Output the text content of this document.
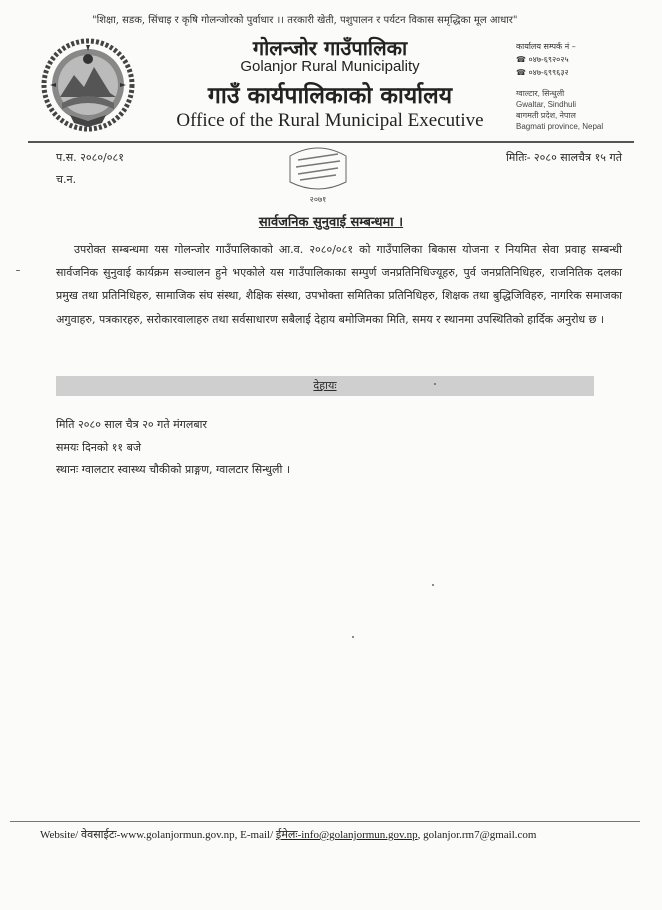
"शिक्षा, सडक, सिंचाइ र कृषि गोलन्जोरको पुर्वाधार ।। तरकारी खेती, पशुपालन र पर्यटन विकास समृद्धिका मूल आधार"
गोलन्जोर गाउँपालिका
Golanjor Rural Municipality
गाउँ कार्यपालिकाको कार्यालय
Office of the Rural Municipal Executive
कार्यालय सम्पर्क नं –
☎ ०४७-६९२०२५
☎ ०४७-६९९६३२
ग्वाल्टार, सिन्धुली
Gwaltar, Sindhuli
बागमती प्रदेश, नेपाल
Bagmati province, Nepal
प.स. २०८०/०८१
च.न.
मितिः- २०८० सालचैत्र १५ गते
२०७१
सार्वजनिक सुनुवाई सम्बन्धमा ।

उपरोक्त सम्बन्धमा यस गोलन्जोर गाउँपालिकाको आ.व. २०८०/०८१ को गाउँपालिका बिकास योजना र नियमित सेवा प्रवाह सम्बन्धी सार्वजनिक सुनुवाई कार्यक्रम सञ्चालन हुने भएकोले यस गाउँपालिकाका सम्पुर्ण जनप्रतिनिधिज्यूहरु, पुर्व जनप्रतिनिधिहरु, राजनितिक दलका प्रमुख तथा प्रतिनिधिहरु, सामाजिक संघ संस्था, शैक्षिक संस्था, उपभोक्ता समितिका प्रतिनिधिहरु, शिक्षक तथा बुद्धिजिविहरु, नागरिक समाजका अगुवाहरु, पत्रकारहरु, सरोकारवालाहरु तथा सर्वसाधारण सबैलाई देहाय बमोजिमका मिति, समय र स्थानमा उपस्थितिको हार्दिक अनुरोध छ ।

देहायः
मिति २०८० साल चैत्र २० गते मंगलबार
समयः दिनको ११ बजे
स्थानः ग्वालटार स्वास्थ्य चौकीको प्राङ्गण, ग्वालटार सिन्धुली ।
Website/ वेवसाईटः-www.golanjormun.gov.np, E-mail/ ईमेलः-info@golanjormun.gov.np, golanjor.rm7@gmail.com
